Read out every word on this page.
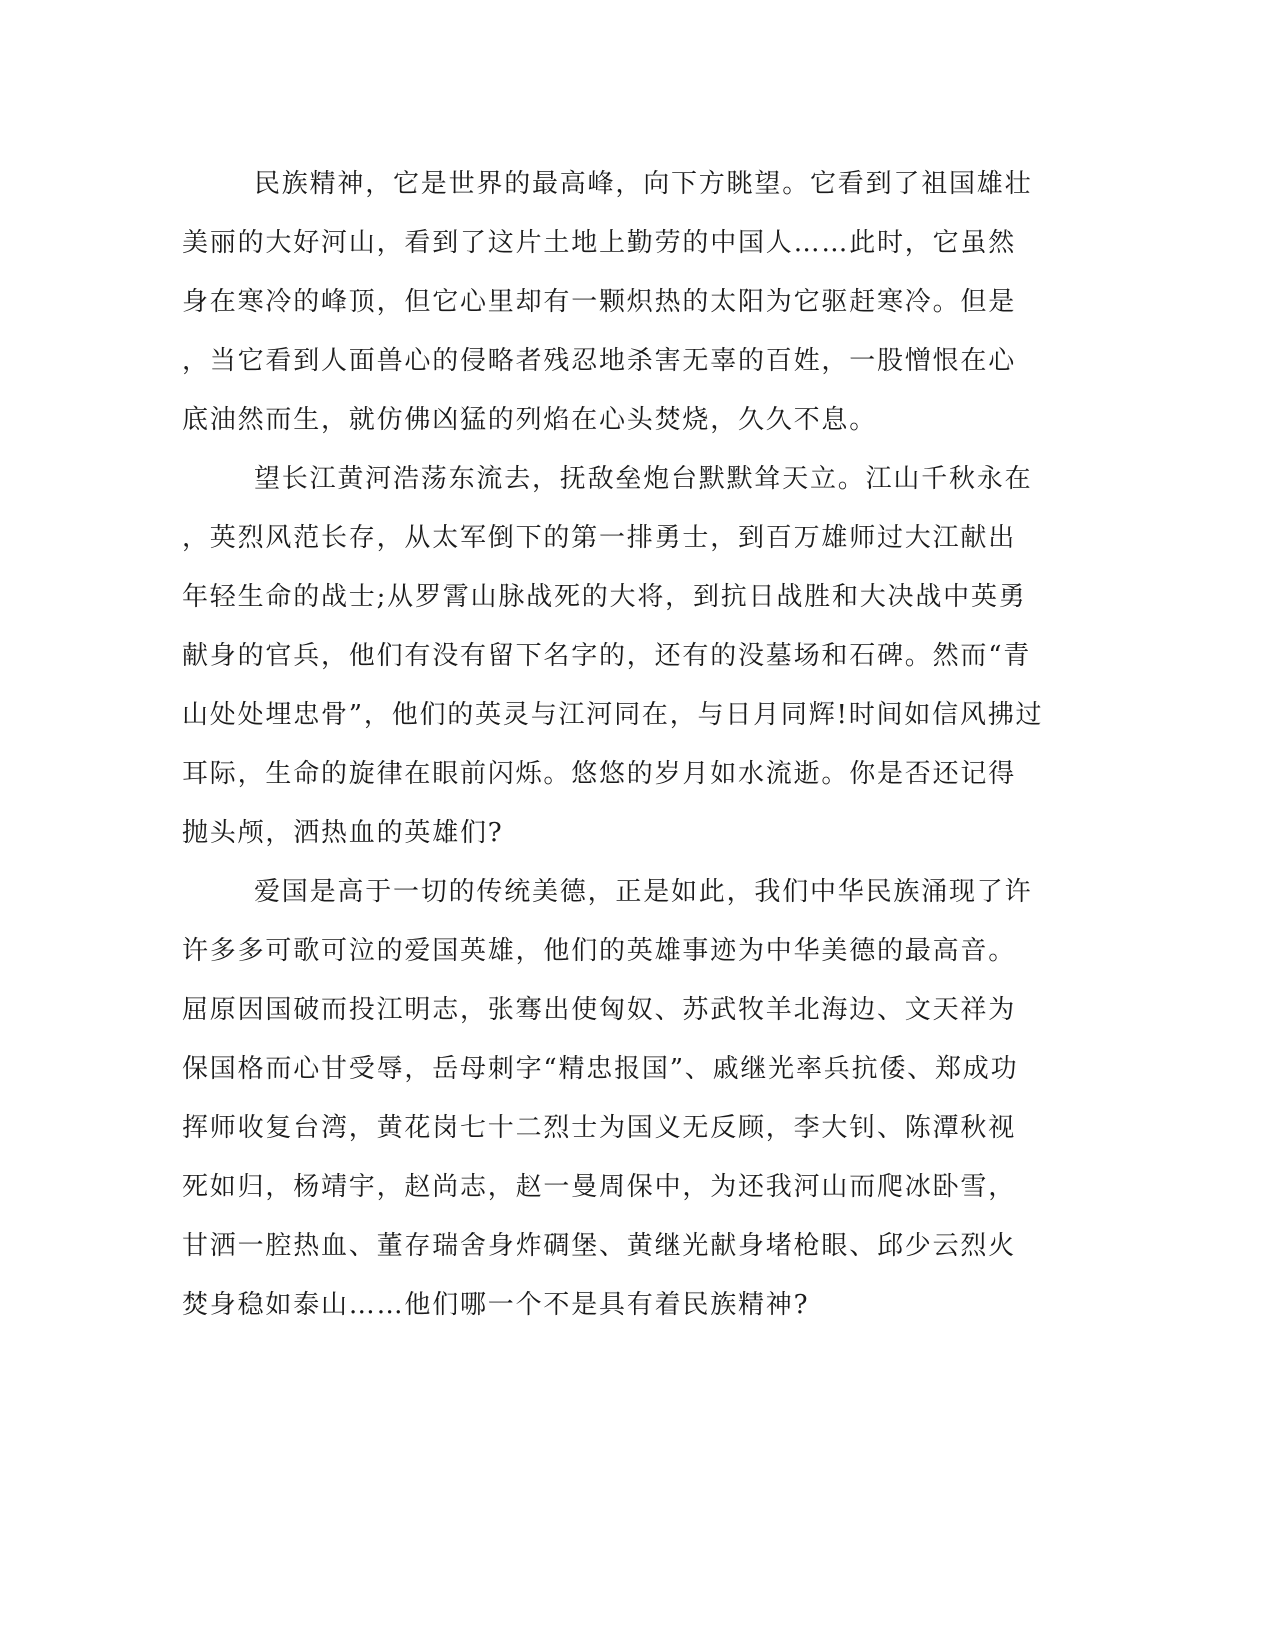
民族精神，它是世界的最高峰，向下方眺望。它看到了祖国雄壮
美丽的大好河山，看到了这片土地上勤劳的中国人……此时，它虽然
身在寒冷的峰顶，但它心里却有一颗炽热的太阳为它驱赶寒冷。但是
，当它看到人面兽心的侵略者残忍地杀害无辜的百姓，一股憎恨在心
底油然而生，就仿佛凶猛的列焰在心头焚烧，久久不息。
望长江黄河浩荡东流去，抚敌垒炮台默默耸天立。江山千秋永在
，英烈风范长存，从太军倒下的第一排勇士，到百万雄师过大江献出
年轻生命的战士;从罗霄山脉战死的大将，到抗日战胜和大决战中英勇
献身的官兵，他们有没有留下名字的，还有的没墓场和石碑。然而“青
山处处埋忠骨”，他们的英灵与江河同在，与日月同辉!时间如信风拂过
耳际，生命的旋律在眼前闪烁。悠悠的岁月如水流逝。你是否还记得
抛头颅，洒热血的英雄们?
爱国是高于一切的传统美德，正是如此，我们中华民族涌现了许
许多多可歌可泣的爱国英雄，他们的英雄事迹为中华美德的最高音。
屈原因国破而投江明志，张骞出使匈奴、苏武牧羊北海边、文天祥为
保国格而心甘受辱，岳母刺字“精忠报国”、戚继光率兵抗倭、郑成功
挥师收复台湾，黄花岗七十二烈士为国义无反顾，李大钊、陈潭秋视
死如归，杨靖宇，赵尚志，赵一曼周保中，为还我河山而爬冰卧雪，
甘洒一腔热血、董存瑞舍身炸碉堡、黄继光献身堵枪眼、邱少云烈火
焚身稳如泰山……他们哪一个不是具有着民族精神?
